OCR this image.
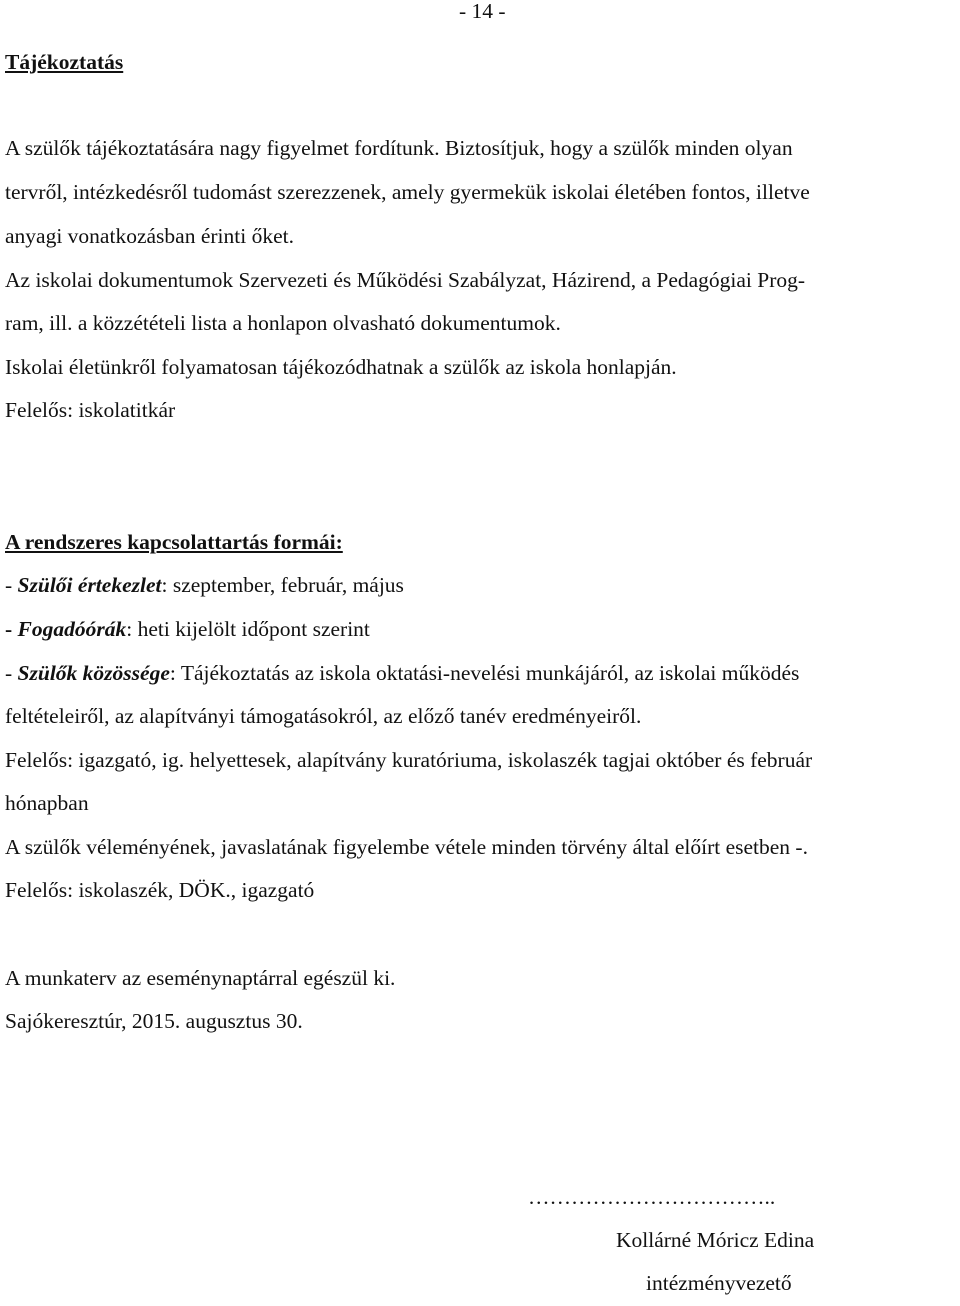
- 14 -
Tájékoztatás
A szülők tájékoztatására nagy figyelmet fordítunk. Biztosítjuk, hogy a szülők minden olyan
tervről, intézkedésről tudomást szerezzenek, amely gyermekük iskolai életében fontos, illetve
anyagi vonatkozásban érinti őket.
Az iskolai dokumentumok Szervezeti és Működési Szabályzat, Házirend, a Pedagógiai Prog-
ram, ill. a közzétételi lista a honlapon olvasható dokumentumok.
Iskolai életünkről folyamatosan tájékozódhatnak a szülők az iskola honlapján.
Felelős: iskolatitkár
A rendszeres kapcsolattartás formái:
- Szülői értekezlet: szeptember, február, május
- Fogadóórák: heti kijelölt időpont szerint
- Szülők közössége: Tájékoztatás az iskola oktatási-nevelési munkájáról, az iskolai működés
feltételeiről, az alapítványi támogatásokról, az előző tanév eredményeiről.
Felelős: igazgató, ig. helyettesek, alapítvány kuratóriuma, iskolaszék tagjai október és február
hónapban
A szülők véleményének, javaslatának figyelembe vétele minden törvény által előírt esetben -.
Felelős: iskolaszék, DÖK., igazgató
A munkaterv az eseménynaptárral egészül ki.
Sajókeresztúr, 2015. augusztus 30.
……………………………..
Kollárné Móricz Edina
intézményvezető
